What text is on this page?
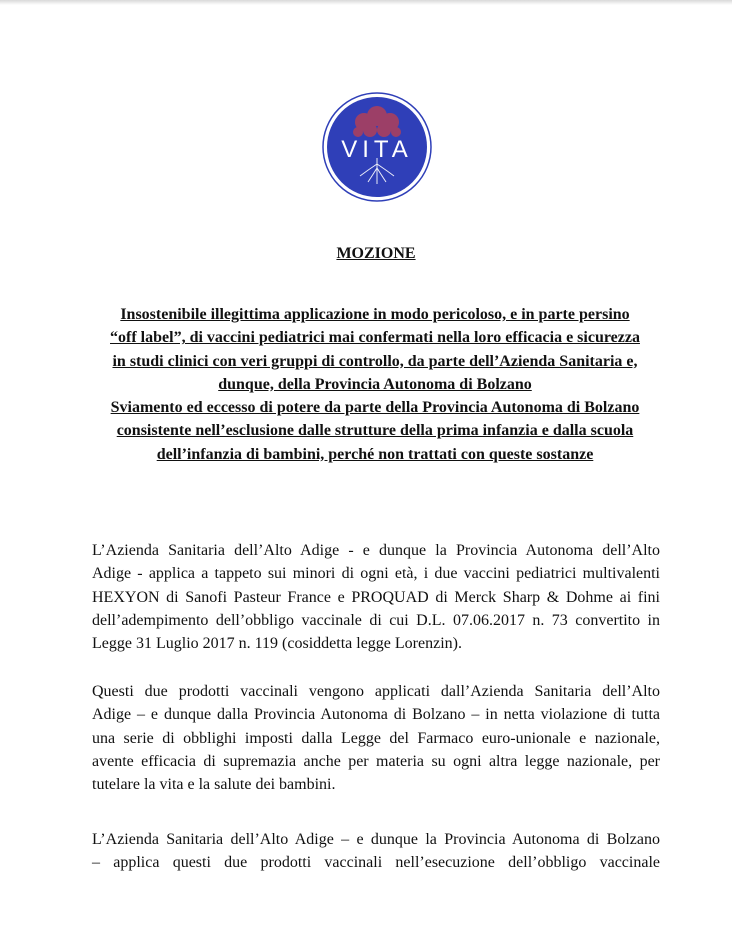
VITA
MOZIONE
Insostenibile illegittima applicazione in modo pericoloso, e in parte persino
“off label”, di vaccini pediatrici mai confermati nella loro efficacia e sicurezza
in studi clinici con veri gruppi di controllo, da parte dell’Azienda Sanitaria e,
dunque, della Provincia Autonoma di Bolzano
Sviamento ed eccesso di potere da parte della Provincia Autonoma di Bolzano
consistente nell’esclusione dalle strutture della prima infanzia e dalla scuola
dell’infanzia di bambini, perché non trattati con queste sostanze
L’Azienda Sanitaria dell’Alto Adige - e dunque la Provincia Autonoma dell’Alto
Adige - applica a tappeto sui minori di ogni età, i due vaccini pediatrici multivalenti
HEXYON di Sanofi Pasteur France e PROQUAD di Merck Sharp & Dohme ai fini
dell’adempimento dell’obbligo vaccinale di cui D.L. 07.06.2017 n. 73 convertito in
Legge 31 Luglio 2017 n. 119 (cosiddetta legge Lorenzin).
Questi due prodotti vaccinali vengono applicati dall’Azienda Sanitaria dell’Alto
Adige – e dunque dalla Provincia Autonoma di Bolzano – in netta violazione di tutta
una serie di obblighi imposti dalla Legge del Farmaco euro-unionale e nazionale,
avente efficacia di supremazia anche per materia su ogni altra legge nazionale, per
tutelare la vita e la salute dei bambini.
L’Azienda Sanitaria dell’Alto Adige – e dunque la Provincia Autonoma di Bolzano
– applica questi due prodotti vaccinali nell’esecuzione dell’obbligo vaccinale
